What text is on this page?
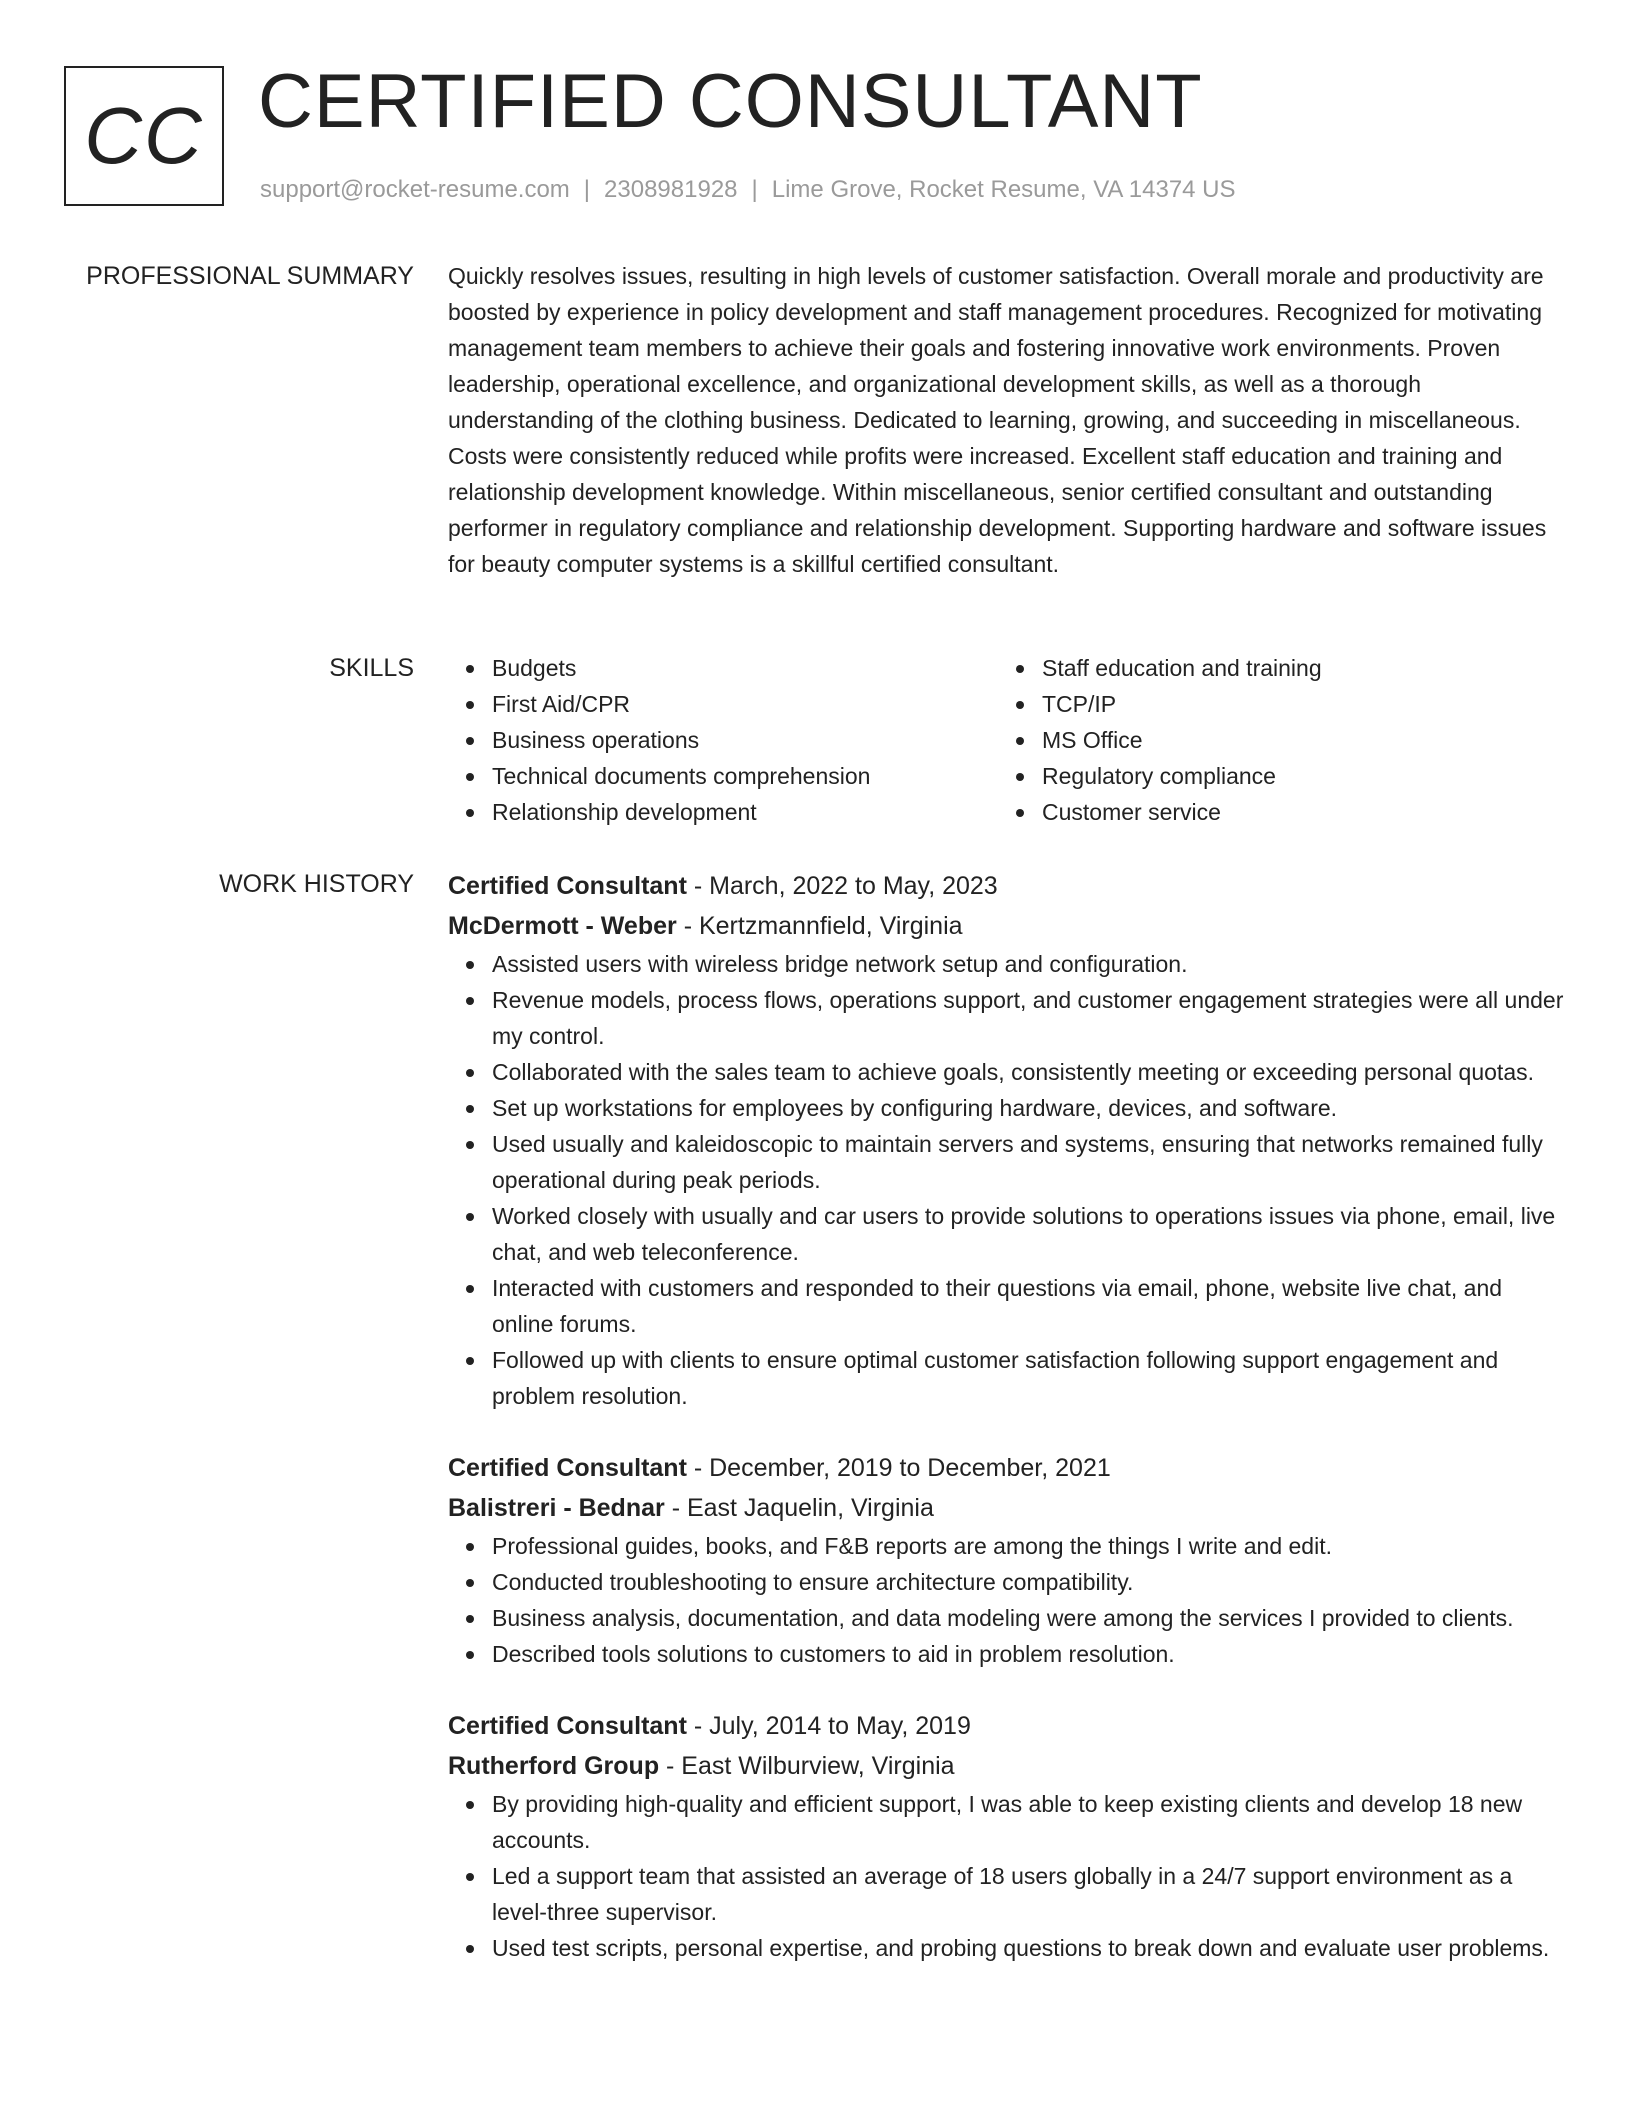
CC CERTIFIED CONSULTANT
support@rocket-resume.com | 2308981928 | Lime Grove, Rocket Resume, VA 14374 US
PROFESSIONAL SUMMARY Quickly resolves issues, resulting in high levels of customer satisfaction. Overall morale and productivity are boosted by experience in policy development and staff management procedures. Recognized for motivating management team members to achieve their goals and fostering innovative work environments. Proven leadership, operational excellence, and organizational development skills, as well as a thorough understanding of the clothing business. Dedicated to learning, growing, and succeeding in miscellaneous. Costs were consistently reduced while profits were increased. Excellent staff education and training and relationship development knowledge. Within miscellaneous, senior certified consultant and outstanding performer in regulatory compliance and relationship development. Supporting hardware and software issues for beauty computer systems is a skillful certified consultant.

SKILLS	Budgets
First Aid/CPR
Business operations
Technical documents comprehension
Relationship development
Staff education and training
TCP/IP
MS Office
Regulatory compliance
Customer service
WORK HISTORY Certified Consultant - March, 2022 to May, 2023
McDermott - Weber - Kertzmannfield, Virginia
Assisted users with wireless bridge network setup and configuration.
Revenue models, process flows, operations support, and customer engagement strategies were all under my control.
Collaborated with the sales team to achieve goals, consistently meeting or exceeding personal quotas.
Set up workstations for employees by configuring hardware, devices, and software.
Used usually and kaleidoscopic to maintain servers and systems, ensuring that networks remained fully operational during peak periods.
Worked closely with usually and car users to provide solutions to operations issues via phone, email, live chat, and web teleconference.
Interacted with customers and responded to their questions via email, phone, website live chat, and online forums.
Followed up with clients to ensure optimal customer satisfaction following support engagement and problem resolution.
Certified Consultant - December, 2019 to December, 2021
Balistreri - Bednar - East Jaquelin, Virginia
Professional guides, books, and F&B reports are among the things I write and edit.
Conducted troubleshooting to ensure architecture compatibility.
Business analysis, documentation, and data modeling were among the services I provided to clients.
Described tools solutions to customers to aid in problem resolution.
Certified Consultant - July, 2014 to May, 2019
Rutherford Group - East Wilburview, Virginia
By providing high-quality and efficient support, I was able to keep existing clients and develop 18 new accounts.
Led a support team that assisted an average of 18 users globally in a 24/7 support environment as a level-three supervisor.
Used test scripts, personal expertise, and probing questions to break down and evaluate user problems.
